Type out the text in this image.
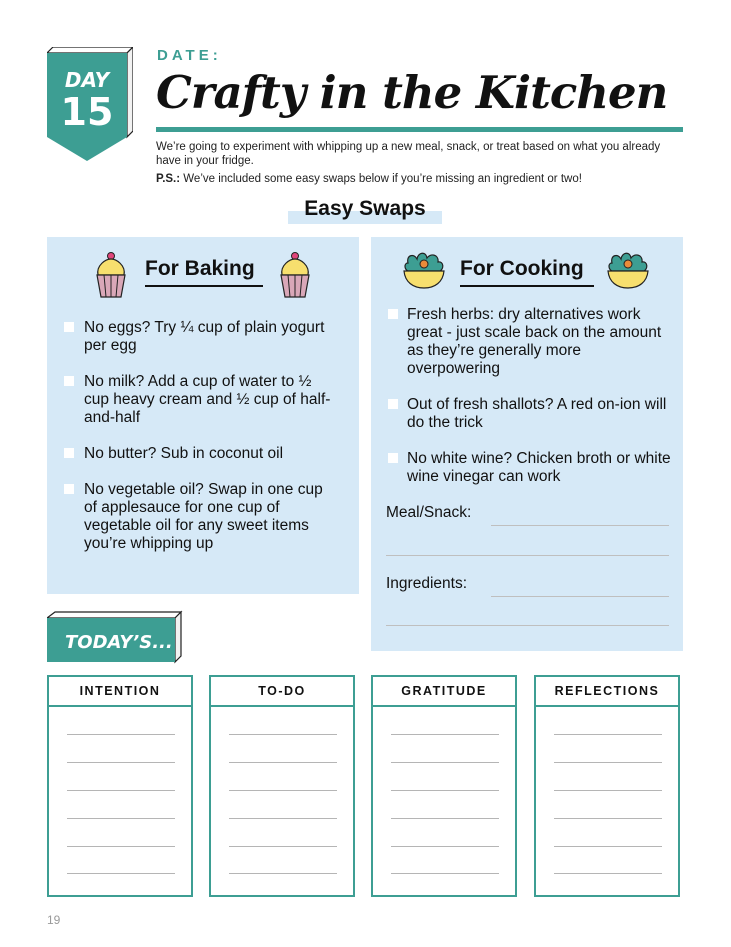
DAY
15
DATE:
Crafty in the Kitchen
We’re going to experiment with whipping up a new meal, snack, or treat based on what you already have in your fridge.
P.S.: We’ve included some easy swaps below if you’re missing an ingredient or two!
Easy Swaps
For Baking
No eggs? Try ¼ cup of plain yogurt per egg
No milk? Add a cup of water to ½ cup heavy cream and ½ cup of half-and-half
No butter? Sub in coconut oil
No vegetable oil? Swap in one cup of applesauce for one cup of vegetable oil for any sweet items you’re whipping up
For Cooking
Fresh herbs: dry alternatives work great - just scale back on the amount as they’re generally more overpowering
Out of fresh shallots? A red on-ion will do the trick
No white wine? Chicken broth or white wine vinegar can work
Meal/Snack:
Ingredients:
TODAY’S...
INTENTION	TO-DO	GRATITUDE	REFLECTIONS
19
